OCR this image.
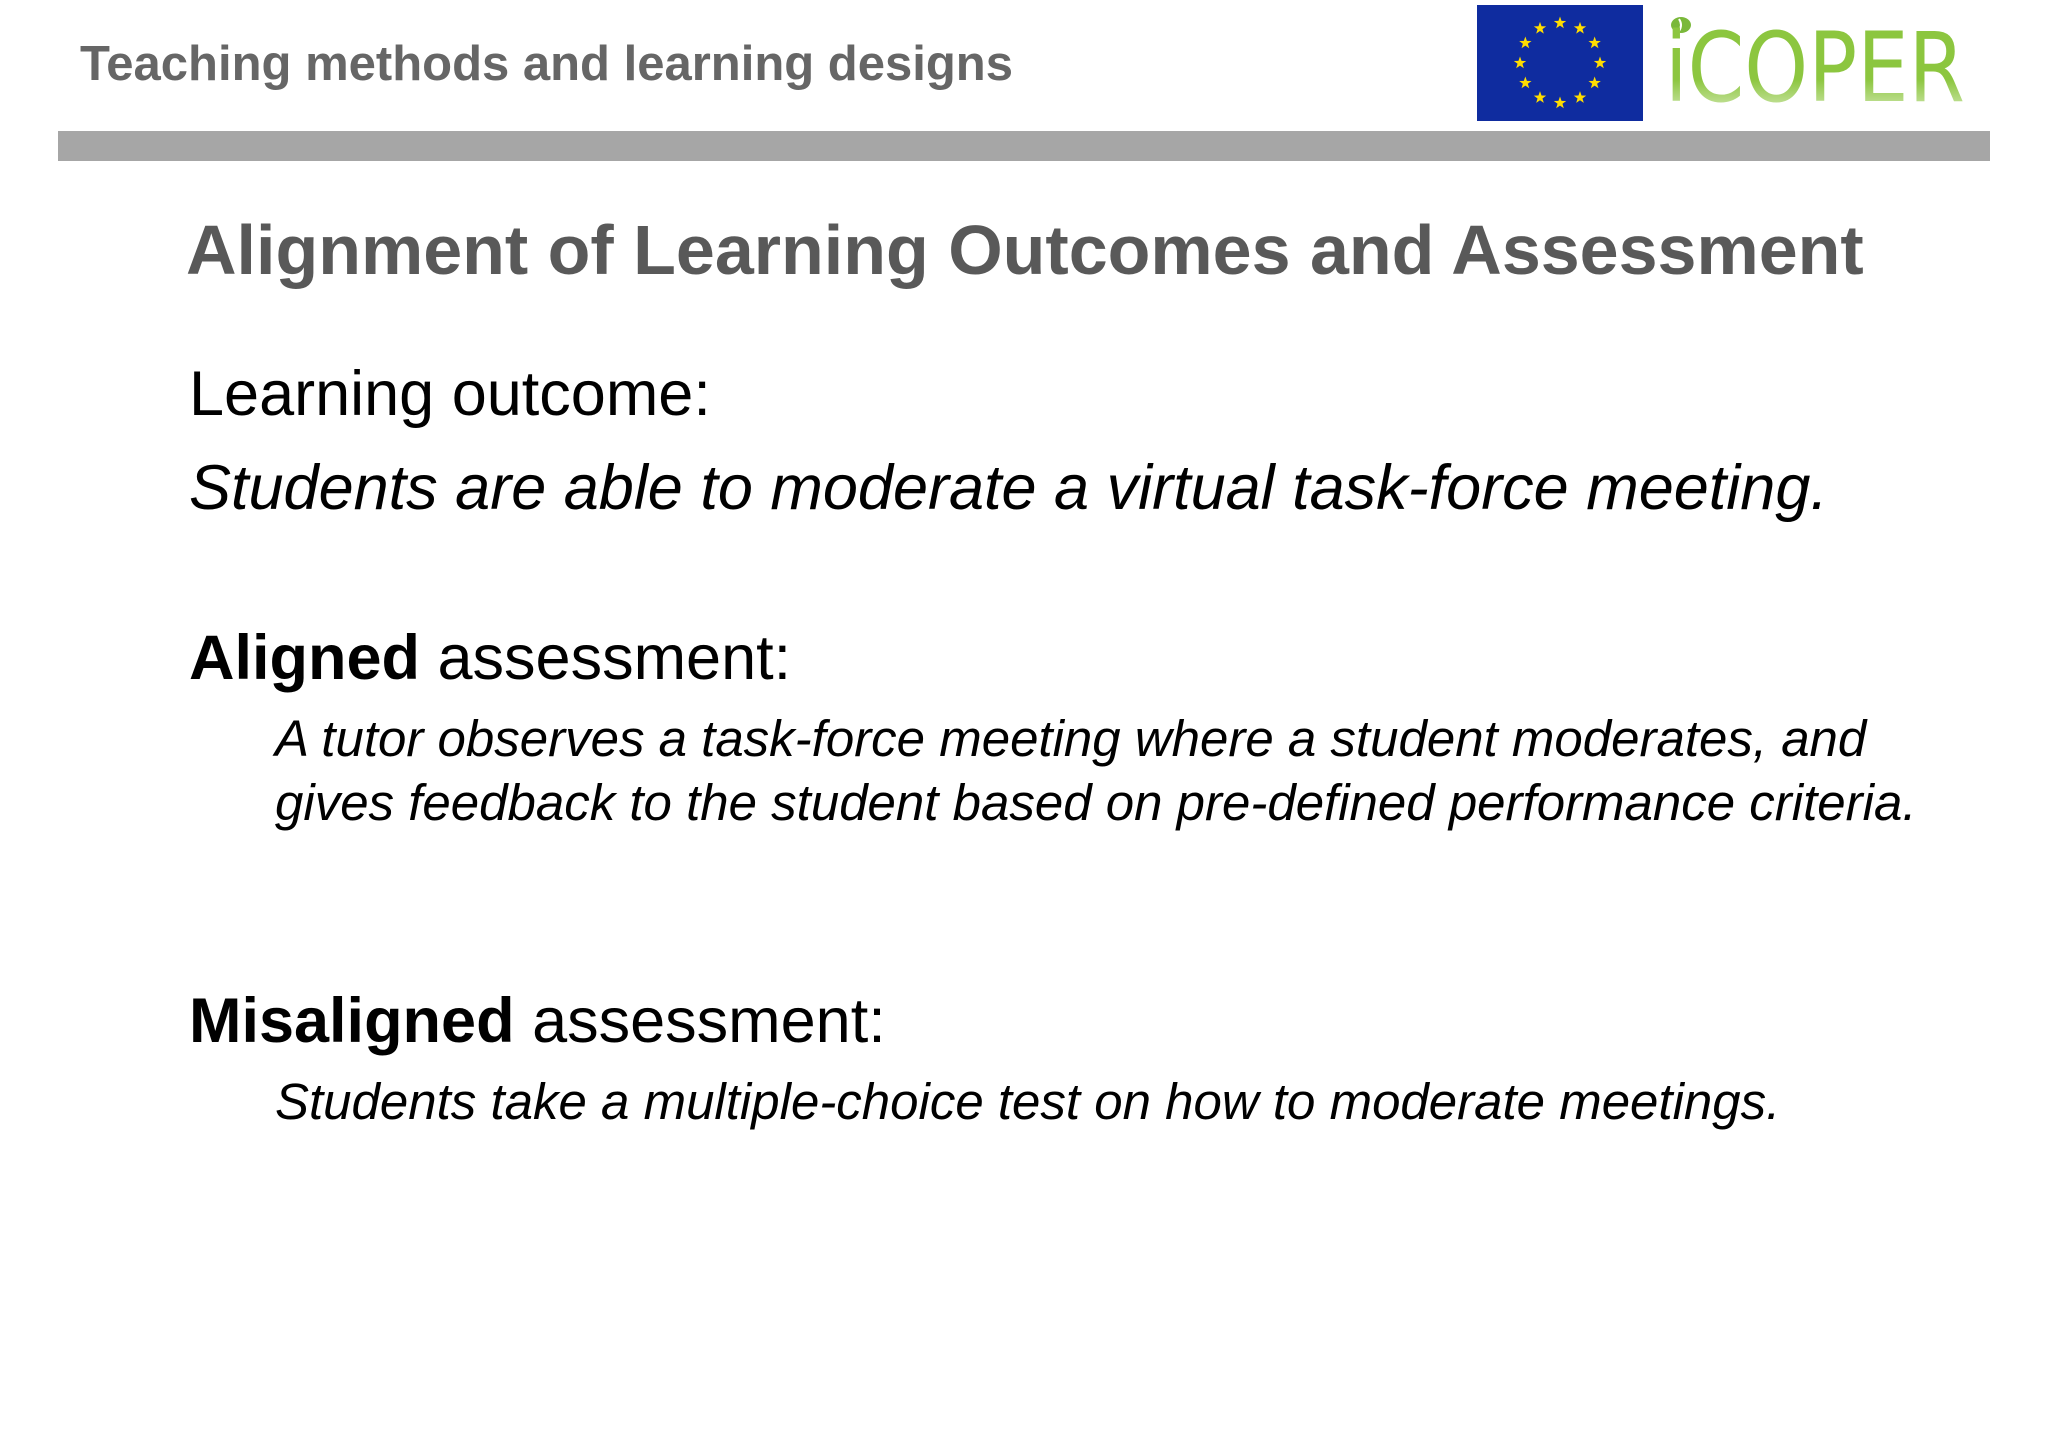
Teaching methods and learning designs	iCOPER
Alignment of Learning Outcomes and Assessment
Learning outcome:
Students are able to moderate a virtual task-force meeting.
Aligned assessment:
A tutor observes a task-force meeting where a student moderates, and gives feedback to the student based on pre-defined performance criteria.
Misaligned assessment:
Students take a multiple-choice test on how to moderate meetings.
